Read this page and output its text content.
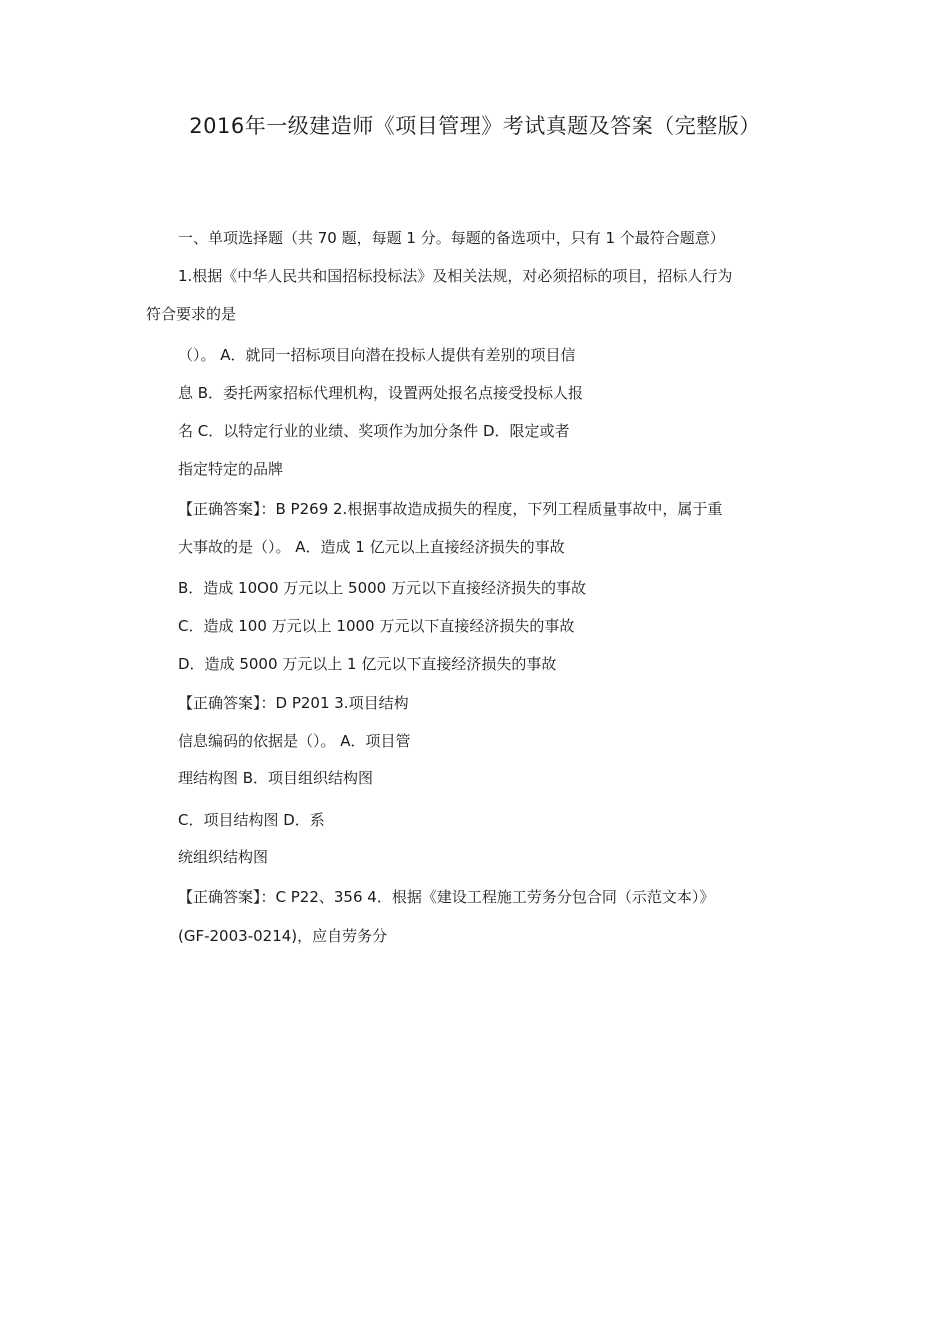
2016年一级建造师《项目管理》考试真题及答案（完整版）

一、单项选择题（共 70 题，每题 1 分。每题的备选项中，只有 1 个最符合题意）

1.根据《中华人民共和国招标投标法》及相关法规，对必须招标的项目，招标人行为

符合要求的是

（）。 A．就同一招标项目向潜在投标人提供有差别的项目信

息 B．委托两家招标代理机构，设置两处报名点接受投标人报

名 C．以特定行业的业绩、奖项作为加分条件 D．限定或者

指定特定的品牌

【正确答案】：B P269 2.根据事故造成损失的程度，下列工程质量事故中，属于重

大事故的是（）。 A．造成 1 亿元以上直接经济损失的事故

B．造成 10O0 万元以上 5000 万元以下直接经济损失的事故

C．造成 100 万元以上 1000 万元以下直接经济损失的事故

D．造成 5000 万元以上 1 亿元以下直接经济损失的事故

【正确答案】：D P201 3.项目结构

信息编码的依据是（）。 A．项目管

理结构图 B．项目组织结构图

C．项目结构图 D．系

统组织结构图

【正确答案】：C P22、356 4．根据《建设工程施工劳务分包合同（示范文本）》

(GF-2003-0214)，应自劳务分
